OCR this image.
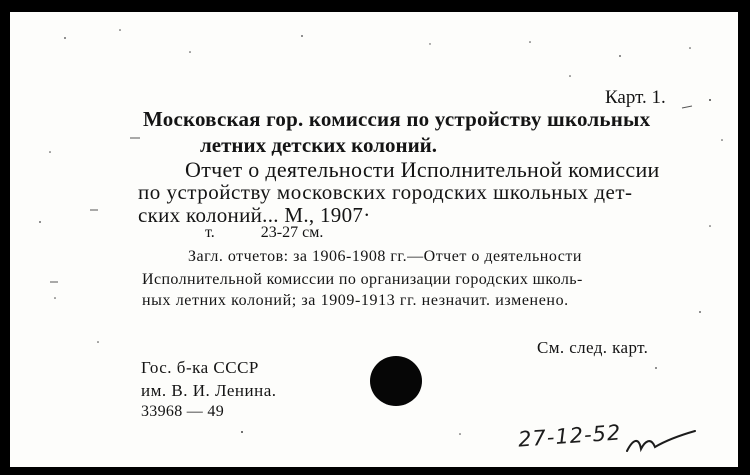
Карт. 1.
Московская гор. комиссия по устройству школьных
летних детских колоний.
Отчет о деятельности Исполнительной комиссии
по устройству московских городских школьных дет-
ских колоний... М., 1907·
т.	23-27 см.
Загл. отчетов: за 1906-1908 гг.—Отчет о деятельности
Исполнительной комиссии по организации городских школь-
ных летних колоний; за 1909-1913 гг. незначит. изменено.
См. след. карт.
Гос. б-ка СССР
им. В. И. Ленина.
33968 — 49
27-12-52
